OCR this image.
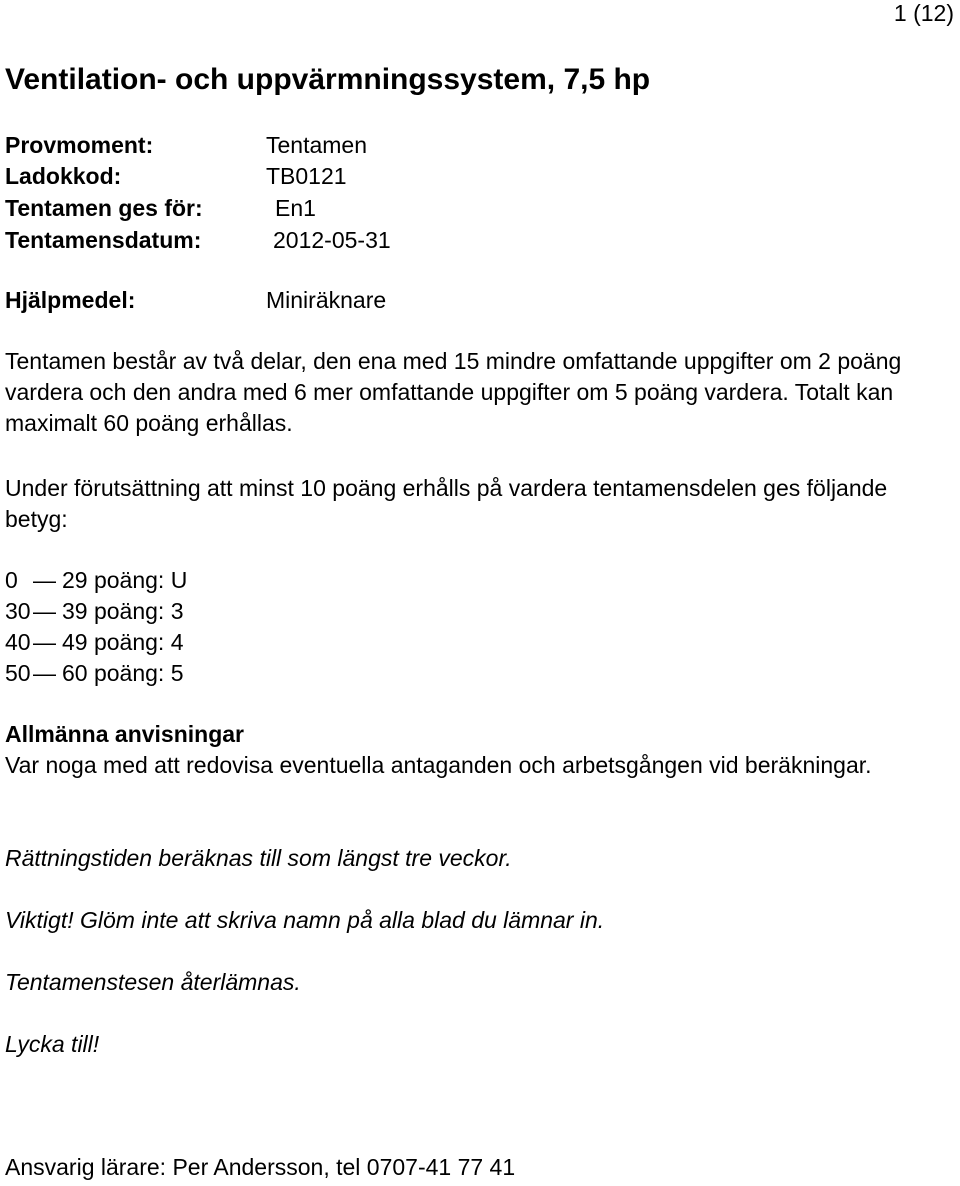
1 (12)
Ventilation- och uppvärmningssystem, 7,5 hp
Provmoment:	Tentamen
Ladokkod:	TB0121
Tentamen ges för:	En1
Tentamensdatum:	2012-05-31
Hjälpmedel:	Miniräknare
Tentamen består av två delar, den ena med 15 mindre omfattande uppgifter om 2 poäng vardera och den andra med 6 mer omfattande uppgifter om 5 poäng vardera. Totalt kan maximalt 60 poäng erhållas.
Under förutsättning att minst 10 poäng erhålls på vardera tentamensdelen ges följande betyg:
0 — 29 poäng: U
30 — 39 poäng: 3
40 — 49 poäng: 4
50 — 60 poäng: 5
Allmänna anvisningar
Var noga med att redovisa eventuella antaganden och arbetsgången vid beräkningar.
Rättningstiden beräknas till som längst tre veckor.
Viktigt! Glöm inte att skriva namn på alla blad du lämnar in.
Tentamenstesen återlämnas.
Lycka till!
Ansvarig lärare: Per Andersson, tel 0707-41 77 41
